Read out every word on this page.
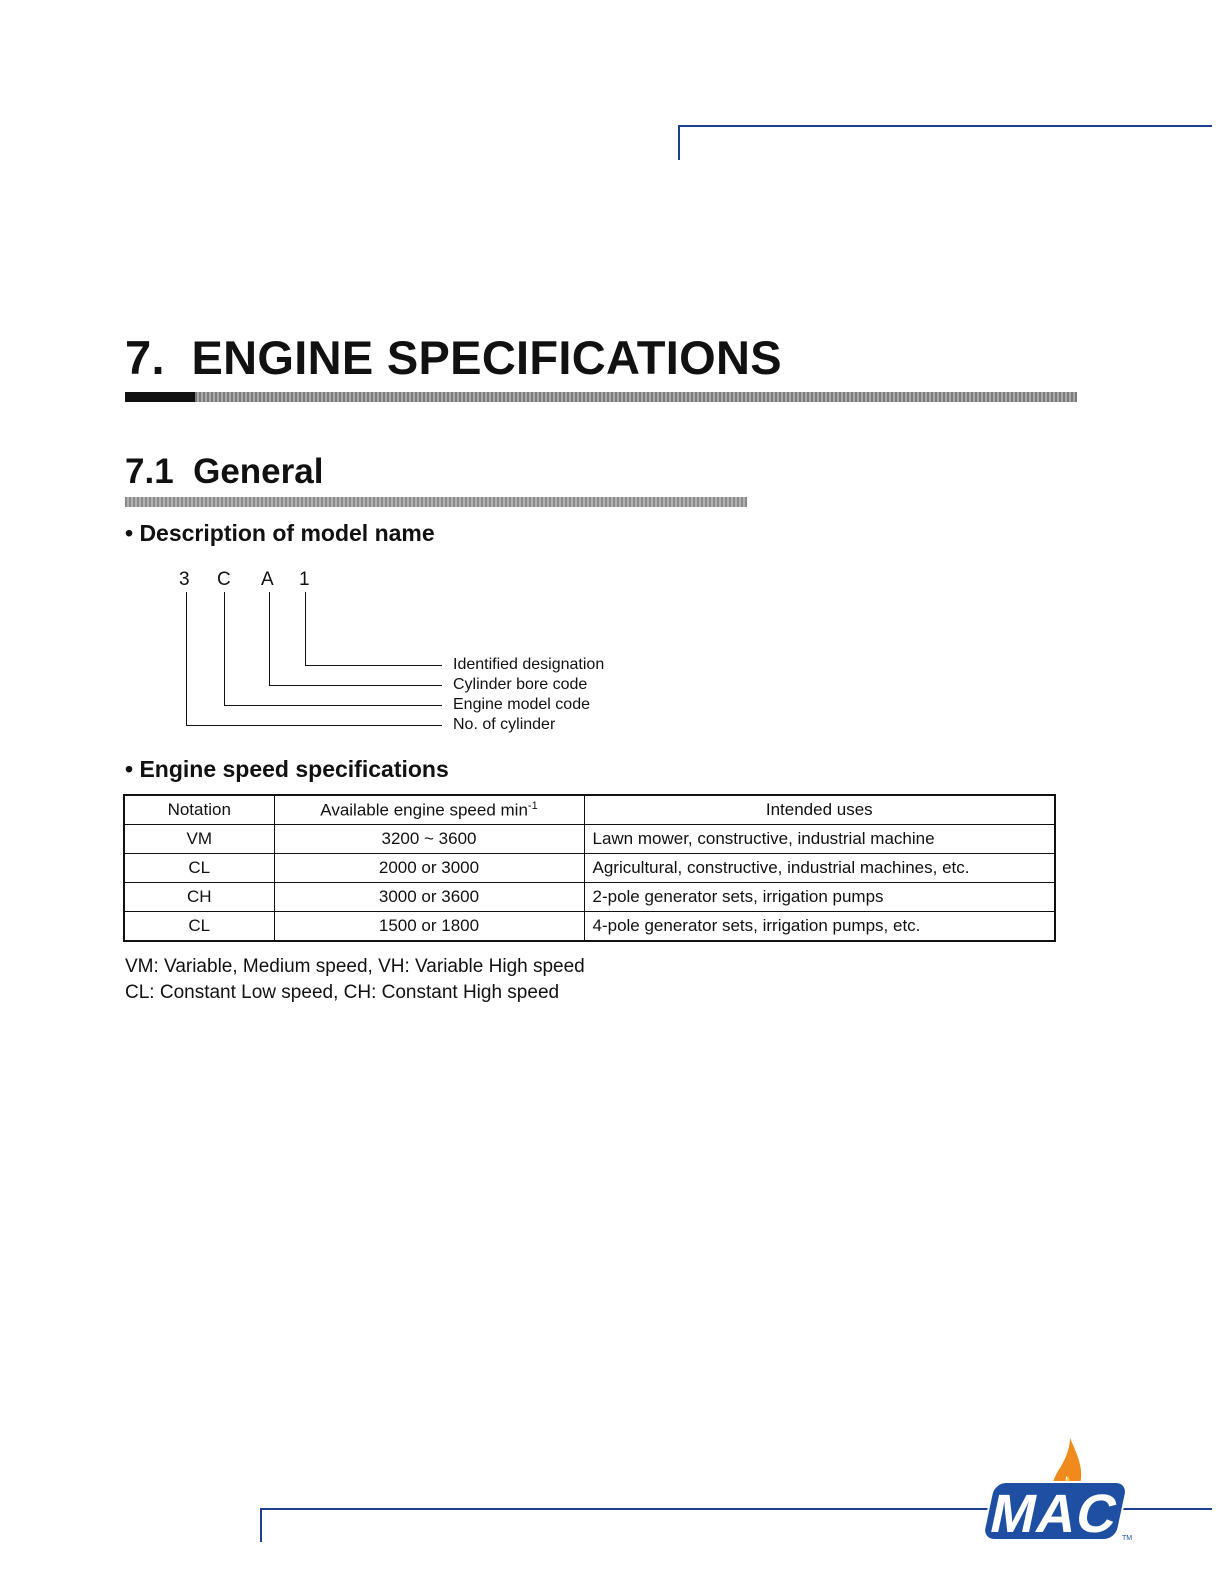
7.  ENGINE SPECIFICATIONS
7.1  General
• Description of model name
3 C A 1
Identified designation
Cylinder bore code
Engine model code
No. of cylinder
• Engine speed specifications
Notation	Available engine speed $\min^{-1}$	Intended uses
VM	3200 ~ 3600	Lawn mower, constructive, industrial machine
CL	2000 or 3000	Agricultural, constructive, industrial machines, etc.
CH	3000 or 3600	2-pole generator sets, irrigation pumps
CL	1500 or 1800	4-pole generator sets, irrigation pumps, etc.
VM: Variable, Medium speed, VH: Variable High speed
CL: Constant Low speed, CH: Constant High speed
MAC
TM
